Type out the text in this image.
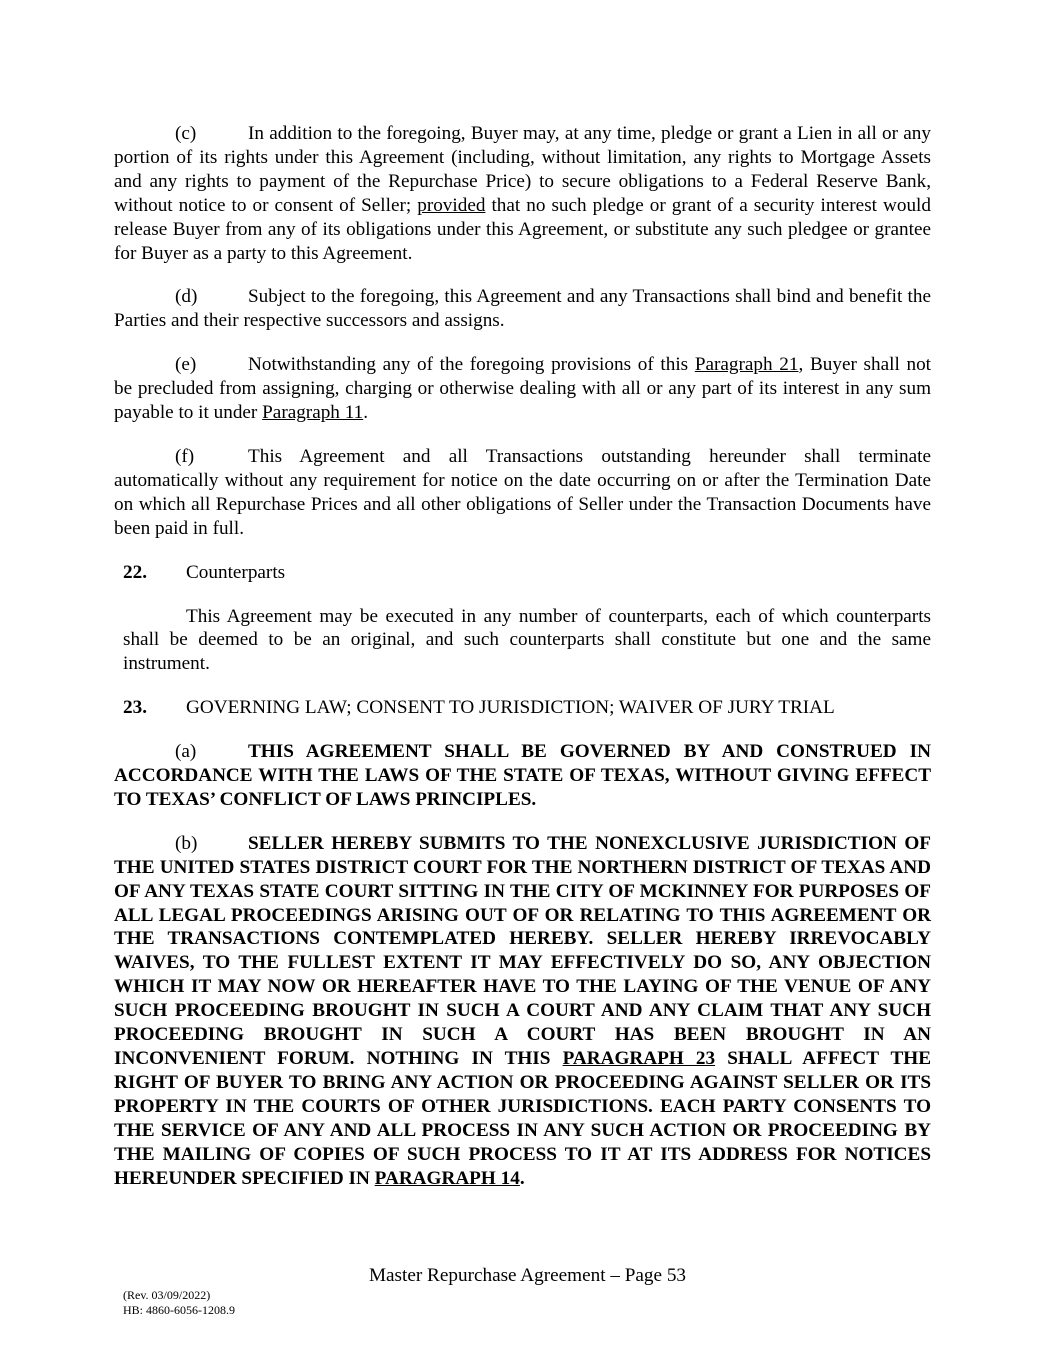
(c)	In addition to the foregoing, Buyer may, at any time, pledge or grant a Lien in all or any portion of its rights under this Agreement (including, without limitation, any rights to Mortgage Assets and any rights to payment of the Repurchase Price) to secure obligations to a Federal Reserve Bank, without notice to or consent of Seller; provided that no such pledge or grant of a security interest would release Buyer from any of its obligations under this Agreement, or substitute any such pledgee or grantee for Buyer as a party to this Agreement.

(d)	Subject to the foregoing, this Agreement and any Transactions shall bind and benefit the Parties and their respective successors and assigns.

(e)	Notwithstanding any of the foregoing provisions of this Paragraph 21, Buyer shall not be precluded from assigning, charging or otherwise dealing with all or any part of its interest in any sum payable to it under Paragraph 11.

(f)	This Agreement and all Transactions outstanding hereunder shall terminate automatically without any requirement for notice on the date occurring on or after the Termination Date on which all Repurchase Prices and all other obligations of Seller under the Transaction Documents have been paid in full.

22. Counterparts

This Agreement may be executed in any number of counterparts, each of which counterparts shall be deemed to be an original, and such counterparts shall constitute but one and the same instrument.

23. GOVERNING LAW; CONSENT TO JURISDICTION; WAIVER OF JURY TRIAL

(a)	THIS AGREEMENT SHALL BE GOVERNED BY AND CONSTRUED IN ACCORDANCE WITH THE LAWS OF THE STATE OF TEXAS, WITHOUT GIVING EFFECT TO TEXAS’ CONFLICT OF LAWS PRINCIPLES.

(b)	SELLER HEREBY SUBMITS TO THE NONEXCLUSIVE JURISDICTION OF THE UNITED STATES DISTRICT COURT FOR THE NORTHERN DISTRICT OF TEXAS AND OF ANY TEXAS STATE COURT SITTING IN THE CITY OF MCKINNEY FOR PURPOSES OF ALL LEGAL PROCEEDINGS ARISING OUT OF OR RELATING TO THIS AGREEMENT OR THE TRANSACTIONS CONTEMPLATED HEREBY. SELLER HEREBY IRREVOCABLY WAIVES, TO THE FULLEST EXTENT IT MAY EFFECTIVELY DO SO, ANY OBJECTION WHICH IT MAY NOW OR HEREAFTER HAVE TO THE LAYING OF THE VENUE OF ANY SUCH PROCEEDING BROUGHT IN SUCH A COURT AND ANY CLAIM THAT ANY SUCH PROCEEDING BROUGHT IN SUCH A COURT HAS BEEN BROUGHT IN AN INCONVENIENT FORUM. NOTHING IN THIS PARAGRAPH 23 SHALL AFFECT THE RIGHT OF BUYER TO BRING ANY ACTION OR PROCEEDING AGAINST SELLER OR ITS PROPERTY IN THE COURTS OF OTHER JURISDICTIONS. EACH PARTY CONSENTS TO THE SERVICE OF ANY AND ALL PROCESS IN ANY SUCH ACTION OR PROCEEDING BY THE MAILING OF COPIES OF SUCH PROCESS TO IT AT ITS ADDRESS FOR NOTICES HEREUNDER SPECIFIED IN PARAGRAPH 14.

Master Repurchase Agreement – Page 53
(Rev. 03/09/2022)
HB: 4860-6056-1208.9
